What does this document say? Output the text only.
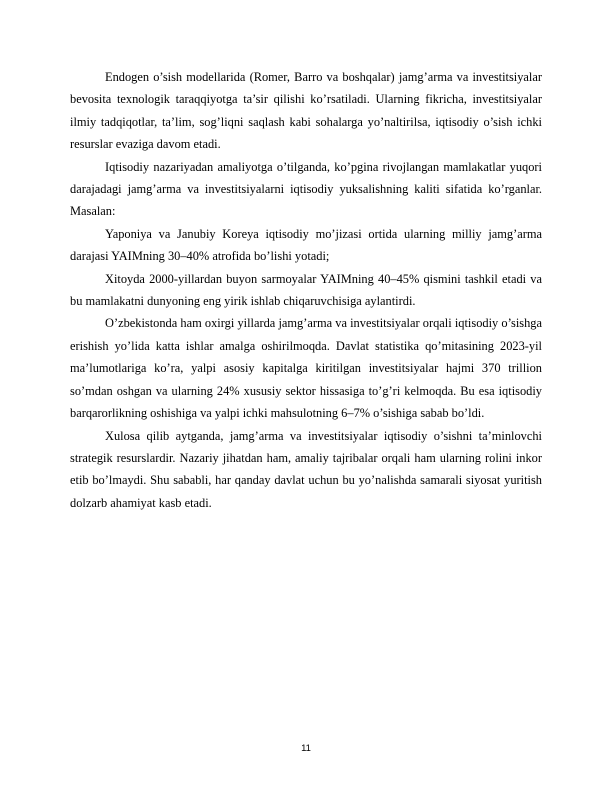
Endogen o’sish modellarida (Romer, Barro va boshqalar) jamg’arma va investitsiyalar bevosita texnologik taraqqiyotga ta’sir qilishi ko’rsatiladi. Ularning fikricha, investitsiyalar ilmiy tadqiqotlar, ta’lim, sog’liqni saqlash kabi sohalarga yo’naltirilsa, iqtisodiy o’sish ichki resurslar evaziga davom etadi.

Iqtisodiy nazariyadan amaliyotga o’tilganda, ko’pgina rivojlangan mamlakatlar yuqori darajadagi jamg’arma va investitsiyalarni iqtisodiy yuksalishning kaliti sifatida ko’rganlar. Masalan:

Yaponiya va Janubiy Koreya iqtisodiy mo’jizasi ortida ularning milliy jamg’arma darajasi YAIMning 30–40% atrofida bo’lishi yotadi;

Xitoyda 2000-yillardan buyon sarmoyalar YAIMning 40–45% qismini tashkil etadi va bu mamlakatni dunyoning eng yirik ishlab chiqaruvchisiga aylantirdi.

O’zbekistonda ham oxirgi yillarda jamg’arma va investitsiyalar orqali iqtisodiy o’sishga erishish yo’lida katta ishlar amalga oshirilmoqda. Davlat statistika qo’mitasining 2023-yil ma’lumotlariga ko’ra, yalpi asosiy kapitalga kiritilgan investitsiyalar hajmi 370 trillion so’mdan oshgan va ularning 24% xususiy sektor hissasiga to’g’ri kelmoqda. Bu esa iqtisodiy barqarorlikning oshishiga va yalpi ichki mahsulotning 6–7% o’sishiga sabab bo’ldi.

Xulosa qilib aytganda, jamg’arma va investitsiyalar iqtisodiy o’sishni ta’minlovchi strategik resurslardir. Nazariy jihatdan ham, amaliy tajribalar orqali ham ularning rolini inkor etib bo’lmaydi. Shu sababli, har qanday davlat uchun bu yo’nalishda samarali siyosat yuritish dolzarb ahamiyat kasb etadi.

11
